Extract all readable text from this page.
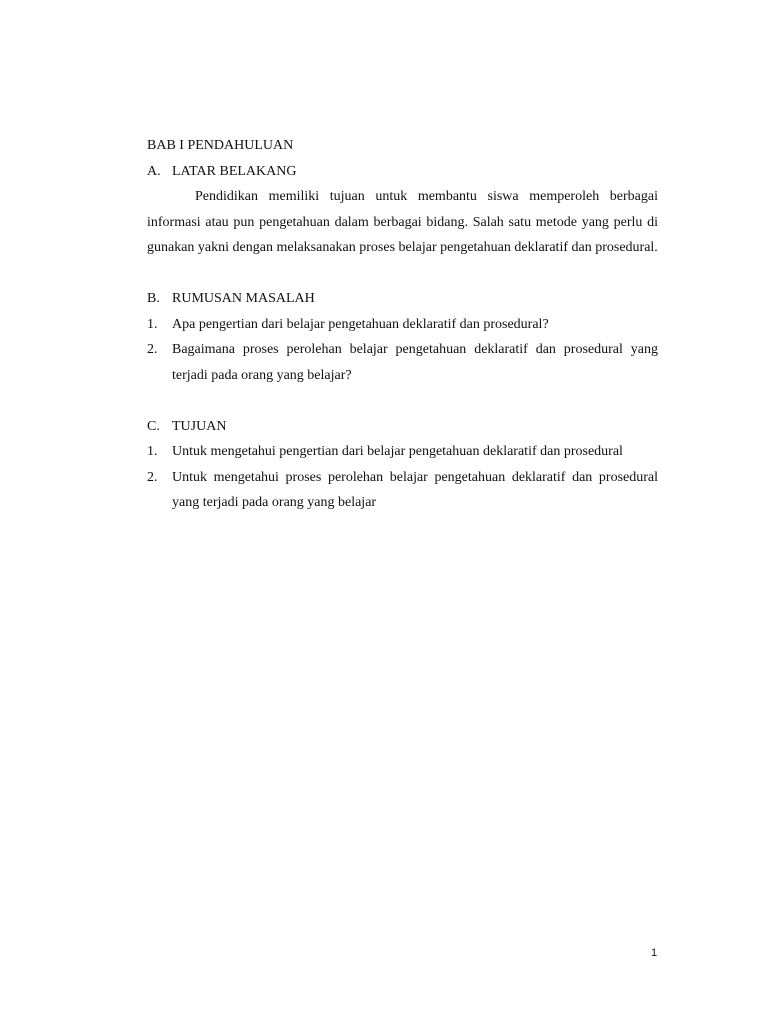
BAB I PENDAHULUAN

A. LATAR BELAKANG

Pendidikan memiliki tujuan untuk membantu siswa memperoleh berbagai informasi atau pun pengetahuan dalam berbagai bidang. Salah satu metode yang perlu di gunakan yakni dengan melaksanakan proses belajar pengetahuan deklaratif dan prosedural.

B. RUMUSAN MASALAH
1.	Apa pengertian dari belajar pengetahuan deklaratif dan prosedural?
2.	Bagaimana proses perolehan belajar pengetahuan deklaratif dan prosedural yang terjadi pada orang yang belajar?
C. TUJUAN
1.	Untuk mengetahui pengertian dari belajar pengetahuan deklaratif dan prosedural
2.	Untuk mengetahui proses perolehan belajar pengetahuan deklaratif dan prosedural yang terjadi pada orang yang belajar
1
